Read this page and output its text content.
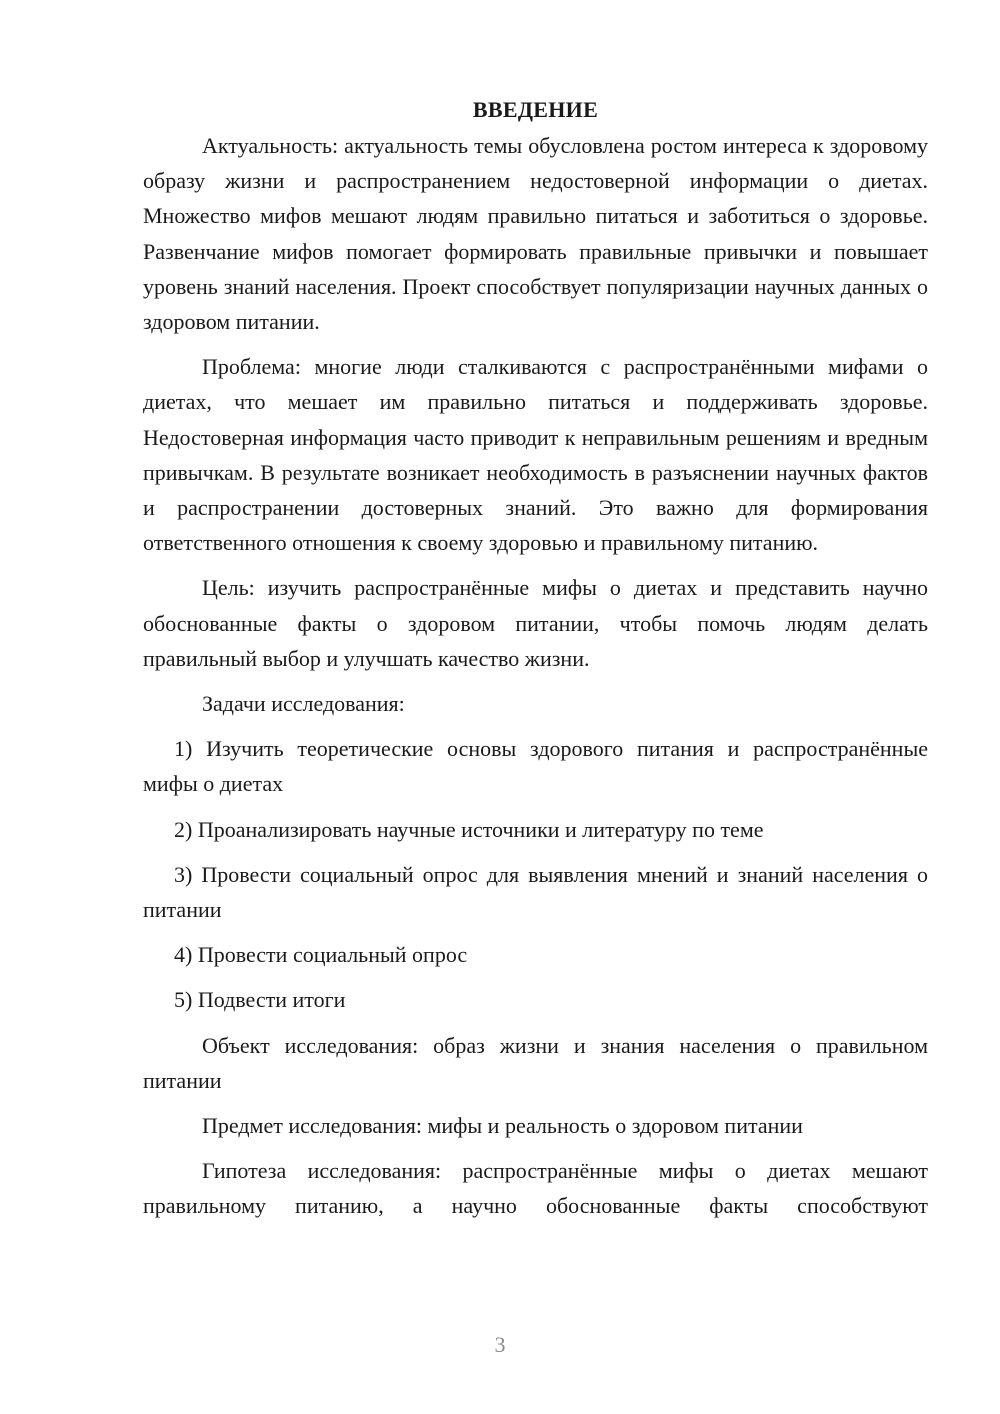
ВВЕДЕНИЕ

Актуальность: актуальность темы обусловлена ростом интереса к здоровому образу жизни и распространением недостоверной информации о диетах. Множество мифов мешают людям правильно питаться и заботиться о здоровье. Развенчание мифов помогает формировать правильные привычки и повышает уровень знаний населения. Проект способствует популяризации научных данных о здоровом питании.

Проблема: многие люди сталкиваются с распространёнными мифами о диетах, что мешает им правильно питаться и поддерживать здоровье. Недостоверная информация часто приводит к неправильным решениям и вредным привычкам. В результате возникает необходимость в разъяснении научных фактов и распространении достоверных знаний. Это важно для формирования ответственного отношения к своему здоровью и правильному питанию.

Цель: изучить распространённые мифы о диетах и представить научно обоснованные факты о здоровом питании, чтобы помочь людям делать правильный выбор и улучшать качество жизни.

Задачи исследования:

1) Изучить теоретические основы здорового питания и распространённые мифы о диетах

2) Проанализировать научные источники и литературу по теме

3) Провести социальный опрос для выявления мнений и знаний населения о питании

4) Провести социальный опрос

5) Подвести итоги

Объект исследования: образ жизни и знания населения о правильном питании

Предмет исследования: мифы и реальность о здоровом питании

Гипотеза исследования: распространённые мифы о диетах мешают правильному питанию, а научно обоснованные факты способствуют

3
